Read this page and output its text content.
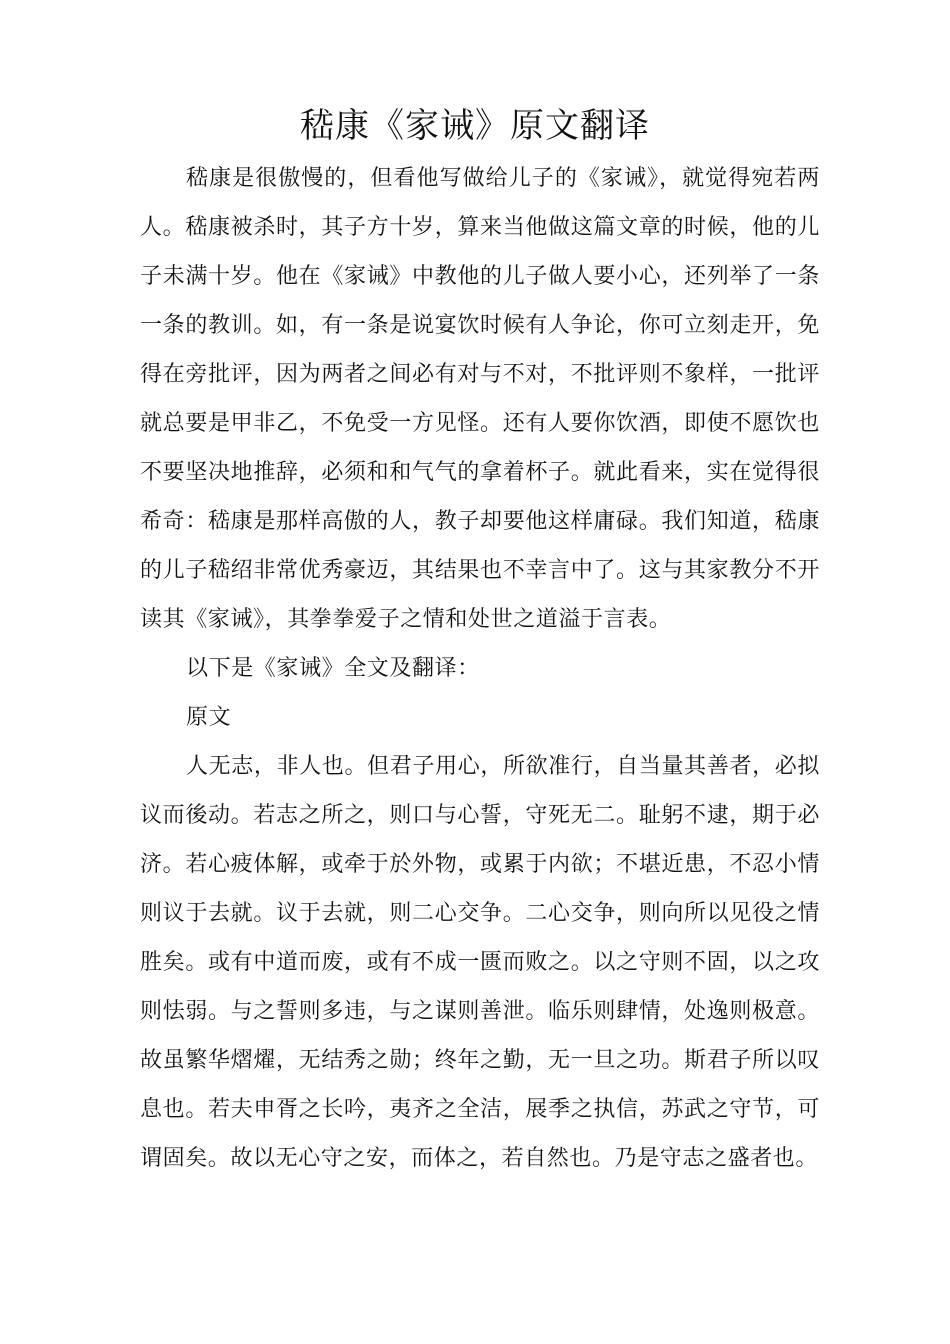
嵇康《家诫》原文翻译

嵇康是很傲慢的，但看他写做给儿子的《家诫》，就觉得宛若两人。嵇康被杀时，其子方十岁，算来当他做这篇文章的时候，他的儿子未满十岁。他在《家诫》中教他的儿子做人要小心，还列举了一条一条的教训。如，有一条是说宴饮时候有人争论，你可立刻走开，免得在旁批评，因为两者之间必有对与不对，不批评则不象样，一批评就总要是甲非乙，不免受一方见怪。还有人要你饮酒，即使不愿饮也不要坚决地推辞，必须和和气气的拿着杯子。就此看来，实在觉得很希奇：嵇康是那样高傲的人，教子却要他这样庸碌。我们知道，嵇康的儿子嵇绍非常优秀豪迈，其结果也不幸言中了。这与其家教分不开读其《家诫》，其拳拳爱子之情和处世之道溢于言表。

以下是《家诫》全文及翻译：

原文

人无志，非人也。但君子用心，所欲准行，自当量其善者，必拟议而後动。若志之所之，则口与心誓，守死无二。耻躬不逮，期于必济。若心疲体解，或牵于於外物，或累于内欲；不堪近患，不忍小情则议于去就。议于去就，则二心交争。二心交争，则向所以见役之情胜矣。或有中道而废，或有不成一匮而败之。以之守则不固，以之攻则怯弱。与之誓则多违，与之谋则善泄。临乐则肆情，处逸则极意。故虽繁华熠燿，无结秀之勋；终年之勤，无一旦之功。斯君子所以叹息也。若夫申胥之长吟，夷齐之全洁，展季之执信，苏武之守节，可谓固矣。故以无心守之安，而体之，若自然也。乃是守志之盛者也。
